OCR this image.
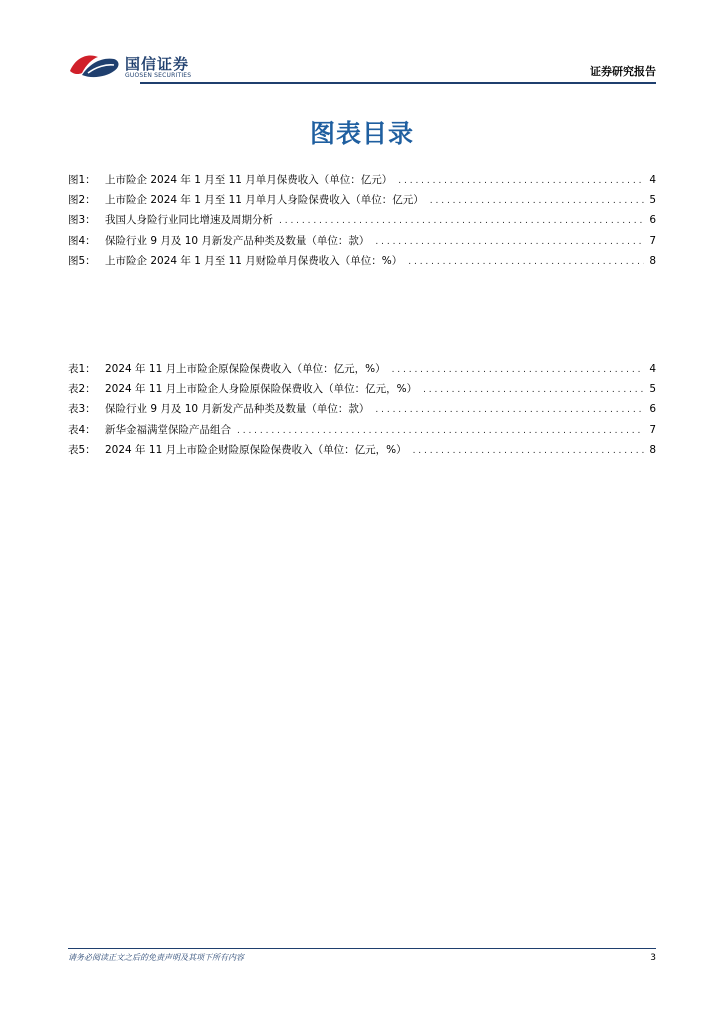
国信证券
GUOSEN SECURITIES	证券研究报告
图表目录
图1： 上市险企 2024 年 1 月至 11 月单月保费收入（单位：亿元） . . .	4
图2： 上市险企 2024 年 1 月至 11 月单月人身险保费收入（单位：亿元） . . .	5
图3： 我国人身险行业同比增速及周期分析 . . .	6
图4： 保险行业 9 月及 10 月新发产品种类及数量（单位：款） . . .	7
图5： 上市险企 2024 年 1 月至 11 月财险单月保费收入（单位：%） . . .	8
表1： 2024 年 11 月上市险企原保险保费收入（单位：亿元，%） . . .	4
表2： 2024 年 11 月上市险企人身险原保险保费收入（单位：亿元，%） . . .	5
表3： 保险行业 9 月及 10 月新发产品种类及数量（单位：款） . . .	6
表4： 新华金福满堂保险产品组合 . . .	7
表5： 2024 年 11 月上市险企财险原保险保费收入（单位：亿元，%） . . .	8
请务必阅读正文之后的免责声明及其项下所有内容	3
